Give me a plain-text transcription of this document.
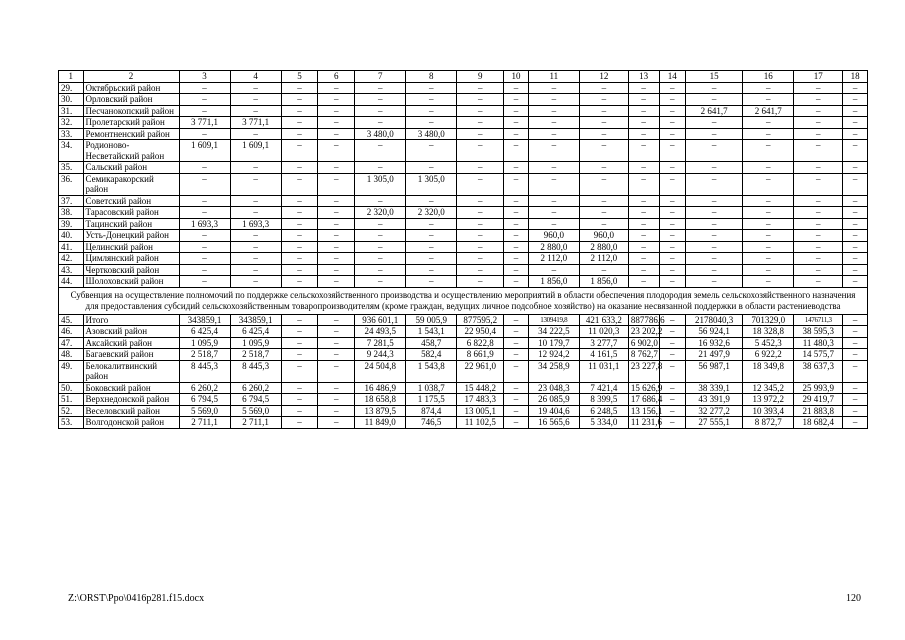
1	2	3	4	5	6	7	8	9	10	11	12	13	14	15	16	17	18
29.	Октябрьский район	–	–	–	–	–	–	–	–	–	–	–	–	–	–	–	–
30.	Орловский район	–	–	–	–	–	–	–	–	–	–	–	–	–	–	–	–
31.	Песчанокопский район	–	–	–	–	–	–	–	–	–	–	–	–	2 641,7	2 641,7	–	–
32.	Пролетарский район	3 771,1	3 771,1	–	–	–	–	–	–	–	–	–	–	–	–	–	–
33.	Ремонтненский район	–	–	–	–	3 480,0	3 480,0	–	–	–	–	–	–	–	–	–	–
34.	Родионово-Несветайский район	1 609,1	1 609,1	–	–	–	–	–	–	–	–	–	–	–	–	–	–
35.	Сальский район	–	–	–	–	–	–	–	–	–	–	–	–	–	–	–	–
36.	Семикаракорский район	–	–	–	–	1 305,0	1 305,0	–	–	–	–	–	–	–	–	–	–
37.	Советский район	–	–	–	–	–	–	–	–	–	–	–	–	–	–	–	–
38.	Тарасовский район	–	–	–	–	2 320,0	2 320,0	–	–	–	–	–	–	–	–	–	–
39.	Тацинский район	1 693,3	1 693,3	–	–	–	–	–	–	–	–	–	–	–	–	–	–
40.	Усть-Донецкий район	–	–	–	–	–	–	–	–	960,0	960,0	–	–	–	–	–	–
41.	Целинский район	–	–	–	–	–	–	–	–	2 880,0	2 880,0	–	–	–	–	–	–
42.	Цимлянский район	–	–	–	–	–	–	–	–	2 112,0	2 112,0	–	–	–	–	–	–
43.	Чертковский район	–	–	–	–	–	–	–	–	–	–	–	–	–	–	–	–
44.	Шолоховский район	–	–	–	–	–	–	–	–	1 856,0	1 856,0	–	–	–	–	–	–
Субвенция на осуществление полномочий по поддержке сельскохозяйственного производства и осуществлению мероприятий в области обеспечения плодородия земель сельскохозяйственного назначения для предоставления субсидий сельскохозяйственным товаропроизводителям (кроме граждан, ведущих личное подсобное хозяйство) на оказание несвязанной поддержки в области растениеводства																	
45.	Итого	343859,1	343859,1	–	–	936 601,1	59 005,9	877595,2	–	1309419,8	421 633,2	887786,6	–	2178040,3	701329,0	1476711,3	–
46.	Азовский район	6 425,4	6 425,4	–	–	24 493,5	1 543,1	22 950,4	–	34 222,5	11 020,3	23 202,2	–	56 924,1	18 328,8	38 595,3	–
47.	Аксайский район	1 095,9	1 095,9	–	–	7 281,5	458,7	6 822,8	–	10 179,7	3 277,7	6 902,0	–	16 932,6	5 452,3	11 480,3	–
48.	Багаевский район	2 518,7	2 518,7	–	–	9 244,3	582,4	8 661,9	–	12 924,2	4 161,5	8 762,7	–	21 497,9	6 922,2	14 575,7	–
49.	Белокалитвинский район	8 445,3	8 445,3	–	–	24 504,8	1 543,8	22 961,0	–	34 258,9	11 031,1	23 227,8	–	56 987,1	18 349,8	38 637,3	–
50.	Боковский район	6 260,2	6 260,2	–	–	16 486,9	1 038,7	15 448,2	–	23 048,3	7 421,4	15 626,9	–	38 339,1	12 345,2	25 993,9	–
51.	Верхнедонской район	6 794,5	6 794,5	–	–	18 658,8	1 175,5	17 483,3	–	26 085,9	8 399,5	17 686,4	–	43 391,9	13 972,2	29 419,7	–
52.	Веселовский район	5 569,0	5 569,0	–	–	13 879,5	874,4	13 005,1	–	19 404,6	6 248,5	13 156,1	–	32 277,2	10 393,4	21 883,8	–
53.	Волгодонской район	2 711,1	2 711,1	–	–	11 849,0	746,5	11 102,5	–	16 565,6	5 334,0	11 231,6	–	27 555,1	8 872,7	18 682,4	–
Z:\ORST\Ppo\0416p281.f15.docx	120
